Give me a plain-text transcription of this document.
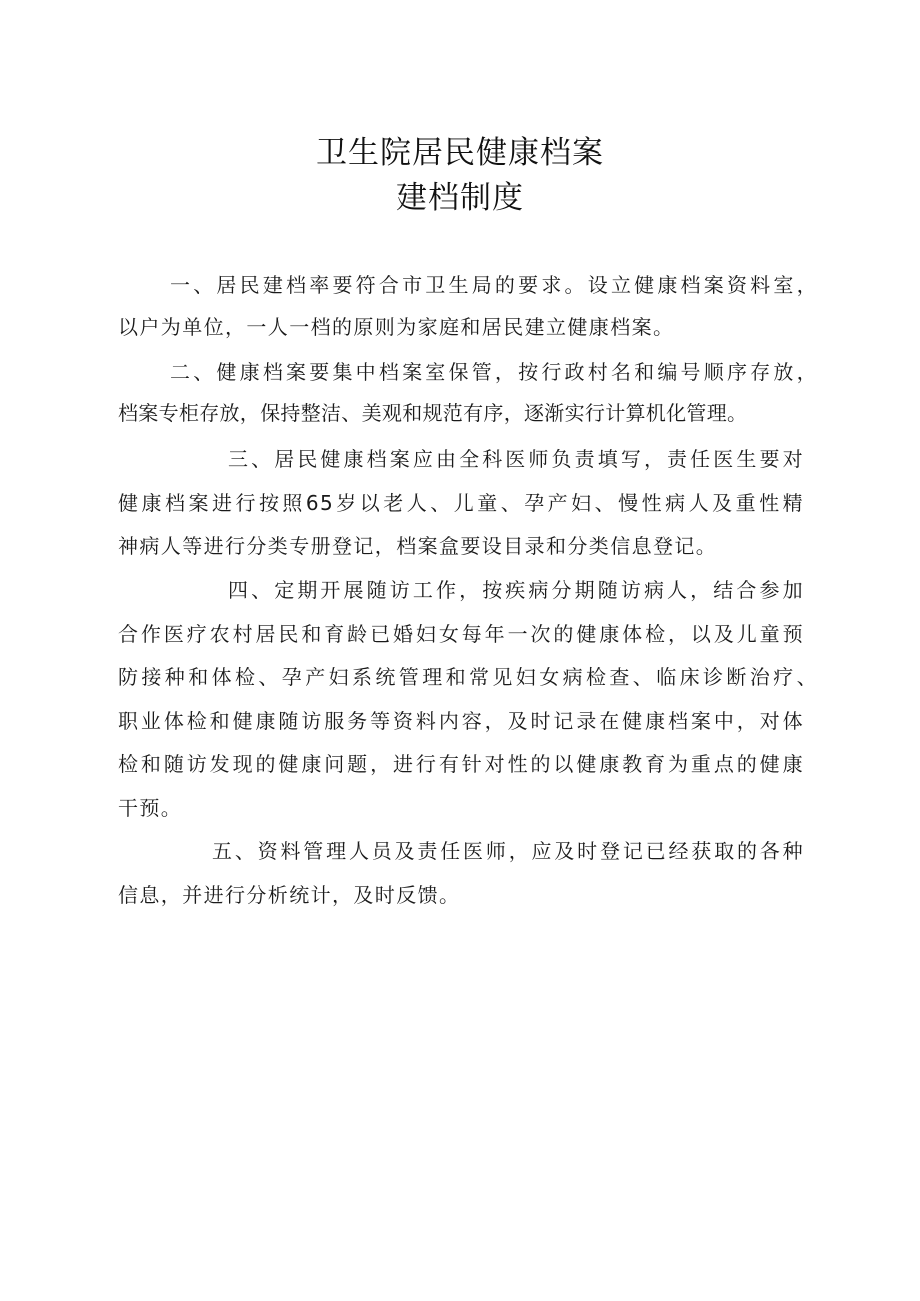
卫生院居民健康档案
建档制度
一、居民建档率要符合市卫生局的要求。设立健康档案资料室，
以户为单位，一人一档的原则为家庭和居民建立健康档案。
二、健康档案要集中档案室保管，按行政村名和编号顺序存放，
档案专柜存放，保持整洁、美观和规范有序，逐渐实行计算机化管理。
三、居民健康档案应由全科医师负责填写，责任医生要对
健康档案进行按照65岁以老人、儿童、孕产妇、慢性病人及重性精
神病人等进行分类专册登记，档案盒要设目录和分类信息登记。
四、定期开展随访工作，按疾病分期随访病人，结合参加
合作医疗农村居民和育龄已婚妇女每年一次的健康体检，以及儿童预
防接种和体检、孕产妇系统管理和常见妇女病检查、临床诊断治疗、
职业体检和健康随访服务等资料内容，及时记录在健康档案中，对体
检和随访发现的健康问题，进行有针对性的以健康教育为重点的健康
干预。
五、资料管理人员及责任医师，应及时登记已经获取的各种
信息，并进行分析统计，及时反馈。
